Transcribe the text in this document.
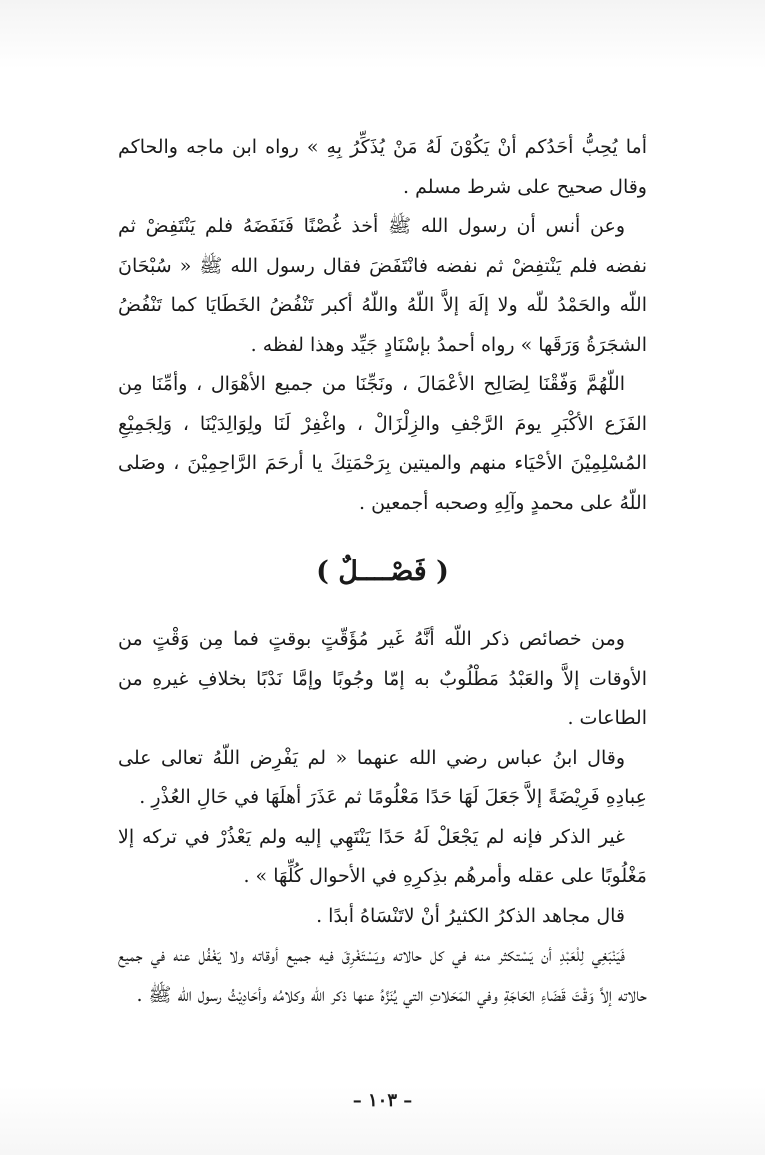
أما يُحِبُّ أحَدُكم أنْ يَكُوْنَ لَهُ مَنْ يُذَكِّرُ بِهِ » رواه ابن ماجه والحاكم وقال صحيح على شرط مسلم .

وعن أنس أن رسول الله ﷺ أخذ غُصْنًا فَنَفَضَهُ فلم يَنْتَفِضْ ثم نفضه فلم يَنْتفِضْ ثم نفضه فانْتَفَضَ فقال رسول الله ﷺ « سُبْحَانَ اللّه والحَمْدُ للّه ولا إلَهَ إلاَّ اللّهُ واللّهُ أكبر تَنْفُضُ الخَطَايَا كما تَنْفُضُ الشجَرَةُ وَرَقَها » رواه أحمدُ بإسْنَادٍ جَيِّد وهذا لفظه .

اللّهُمَّ وَفّقْنَا لِصَالِح الأعْمَالَ ، ونَجِّنَا من جميع الأهْوَال ، وأمِّنَا مِن الفَزَع الأكْبَرِ يومَ الرَّجْفِ والزِلْزَالْ ، واغْفِرْ لَنَا ولِوَالِدَيْنَا ، وَلِجَمِيْعِ المُسْلِمِيْنَ الأحْيَاء منهم والميتين بِرَحْمَتِكَ يا أرحَمَ الرَّاحِمِيْنَ ، وصَلى اللّهُ على محمدٍ وآلِهِ وصحبه أجمعين .

( فَصْــــلٌ )

ومن خصائص ذكر اللّه أنَّهُ غَير مُؤَقّتٍ بوقتٍ فما مِن وَقْتٍ من الأوقات إلاَّ والعَبْدُ مَطْلُوبٌ به إمّا وجُوبًا وإمَّا نَدْبًا بخلافِ غيرهِ من الطاعات .

وقال ابنُ عباس رضي الله عنهما « لم يَفْرِض اللّهُ تعالى على عِبادِهِ فَرِيْضَةً إلاَّ جَعَلَ لَهَا حَدًا مَعْلُومًا ثم عَذَرَ أهلَهَا في حَالِ العُذْرِ .

غير الذكر فإنه لم يَجْعَلْ لَهُ حَدًا يَنْتَهِي إليه ولم يَعْذُرْ في تركه إلا مَغْلُوبًا على عقله وأمرهُم بذِكرِهِ في الأحوال كُلِّهَا » .

قال مجاهد الذكرُ الكثيرُ أنْ لاتَنْسَاهُ أبدًا .

فَيَنْبَغِي لِلْعَبْدِ أن يَسْتكثر منه في كل حالاته ويَسْتَغْرِقَ فيه جميع أوقاته ولا يَغْفُل عنه في جميع حالاته إلاَّ وَقْتَ قَضَاءِ الحَاجَةِ وفي المَحَلاتِ التي يُنَزَّهُ عنها ذكر الله وكلامُه وأحَادِيْثُ رسول الله ﷺ .

– ١٠٣ –
